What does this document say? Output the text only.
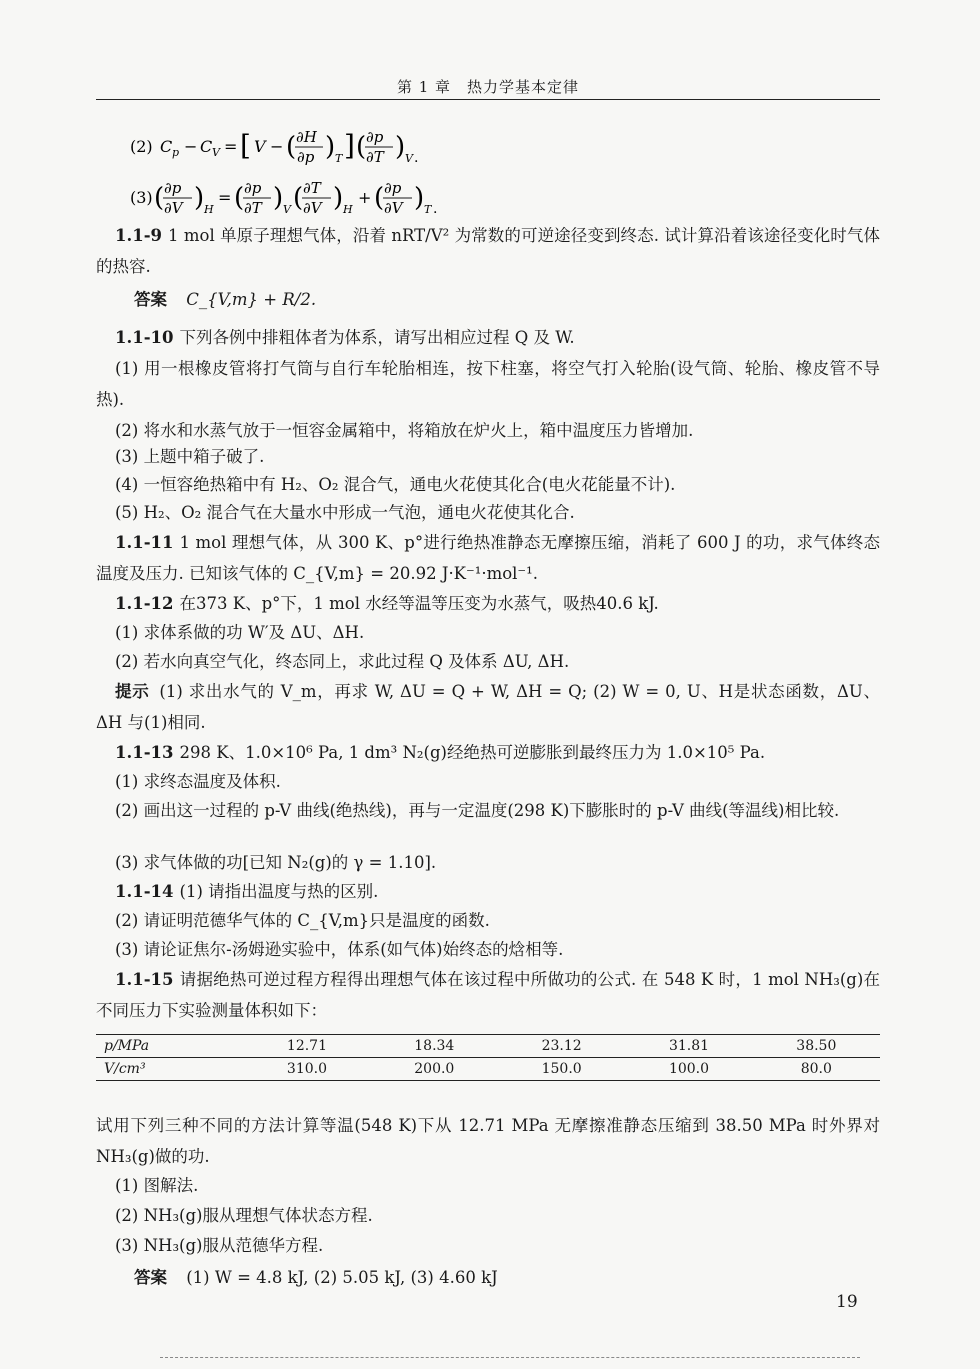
第 1 章　热力学基本定律
(2) C p − C V = [ V − ( ∂H
∂p ) T ] ( ∂p
∂T ) V .
(3) ( ∂p
∂V ) H
= ( ∂p
∂T ) V ( ∂T
∂V ) H
+ ( ∂p
∂V ) T .
1.1-9 1 mol 单原子理想气体，沿着 nRT/V² 为常数的可逆途径变到终态. 试计算沿着该途径变化时气体的热容.
答案 C_{V,m} + R/2.
1.1-10 下列各例中排粗体者为体系，请写出相应过程 Q 及 W.
(1) 用一根橡皮管将打气筒与自行车轮胎相连，按下柱塞，将空气打入轮胎(设气筒、轮胎、橡皮管不导热).
(2) 将水和水蒸气放于一恒容金属箱中，将箱放在炉火上，箱中温度压力皆增加.
(3) 上题中箱子破了.
(4) 一恒容绝热箱中有 H₂、O₂ 混合气，通电火花使其化合(电火花能量不计).
(5) H₂、O₂ 混合气在大量水中形成一气泡，通电火花使其化合.
1.1-11 1 mol 理想气体，从 300 K、p°进行绝热准静态无摩擦压缩，消耗了 600 J 的功，求气体终态温度及压力. 已知该气体的 C_{V,m} = 20.92 J·K⁻¹·mol⁻¹.
1.1-12 在373 K、p°下，1 mol 水经等温等压变为水蒸气，吸热40.6 kJ.
(1) 求体系做的功 W′及 ΔU、ΔH.
(2) 若水向真空气化，终态同上，求此过程 Q 及体系 ΔU, ΔH.
提示 (1) 求出水气的 V_m，再求 W, ΔU = Q + W, ΔH = Q; (2) W = 0, U、H是状态函数，ΔU、ΔH 与(1)相同.
1.1-13 298 K、1.0×10⁶ Pa, 1 dm³ N₂(g)经绝热可逆膨胀到最终压力为 1.0×10⁵ Pa.
(1) 求终态温度及体积.
(2) 画出这一过程的 p-V 曲线(绝热线)，再与一定温度(298 K)下膨胀时的 p-V 曲线(等温线)相比较.
(3) 求气体做的功[已知 N₂(g)的 γ = 1.10].
1.1-14 (1) 请指出温度与热的区别.
(2) 请证明范德华气体的 C_{V,m}只是温度的函数.
(3) 请论证焦尔-汤姆逊实验中，体系(如气体)始终态的焓相等.
1.1-15 请据绝热可逆过程方程得出理想气体在该过程中所做功的公式. 在 548 K 时，1 mol NH₃(g)在不同压力下实验测量体积如下：
p/MPa	12.71	18.34	23.12	31.81	38.50
V/cm³	310.0	200.0	150.0	100.0	80.0
试用下列三种不同的方法计算等温(548 K)下从 12.71 MPa 无摩擦准静态压缩到 38.50 MPa 时外界对 NH₃(g)做的功.
(1) 图解法.
(2) NH₃(g)服从理想气体状态方程.
(3) NH₃(g)服从范德华方程.
答案 (1) W = 4.8 kJ, (2) 5.05 kJ, (3) 4.60 kJ
19
